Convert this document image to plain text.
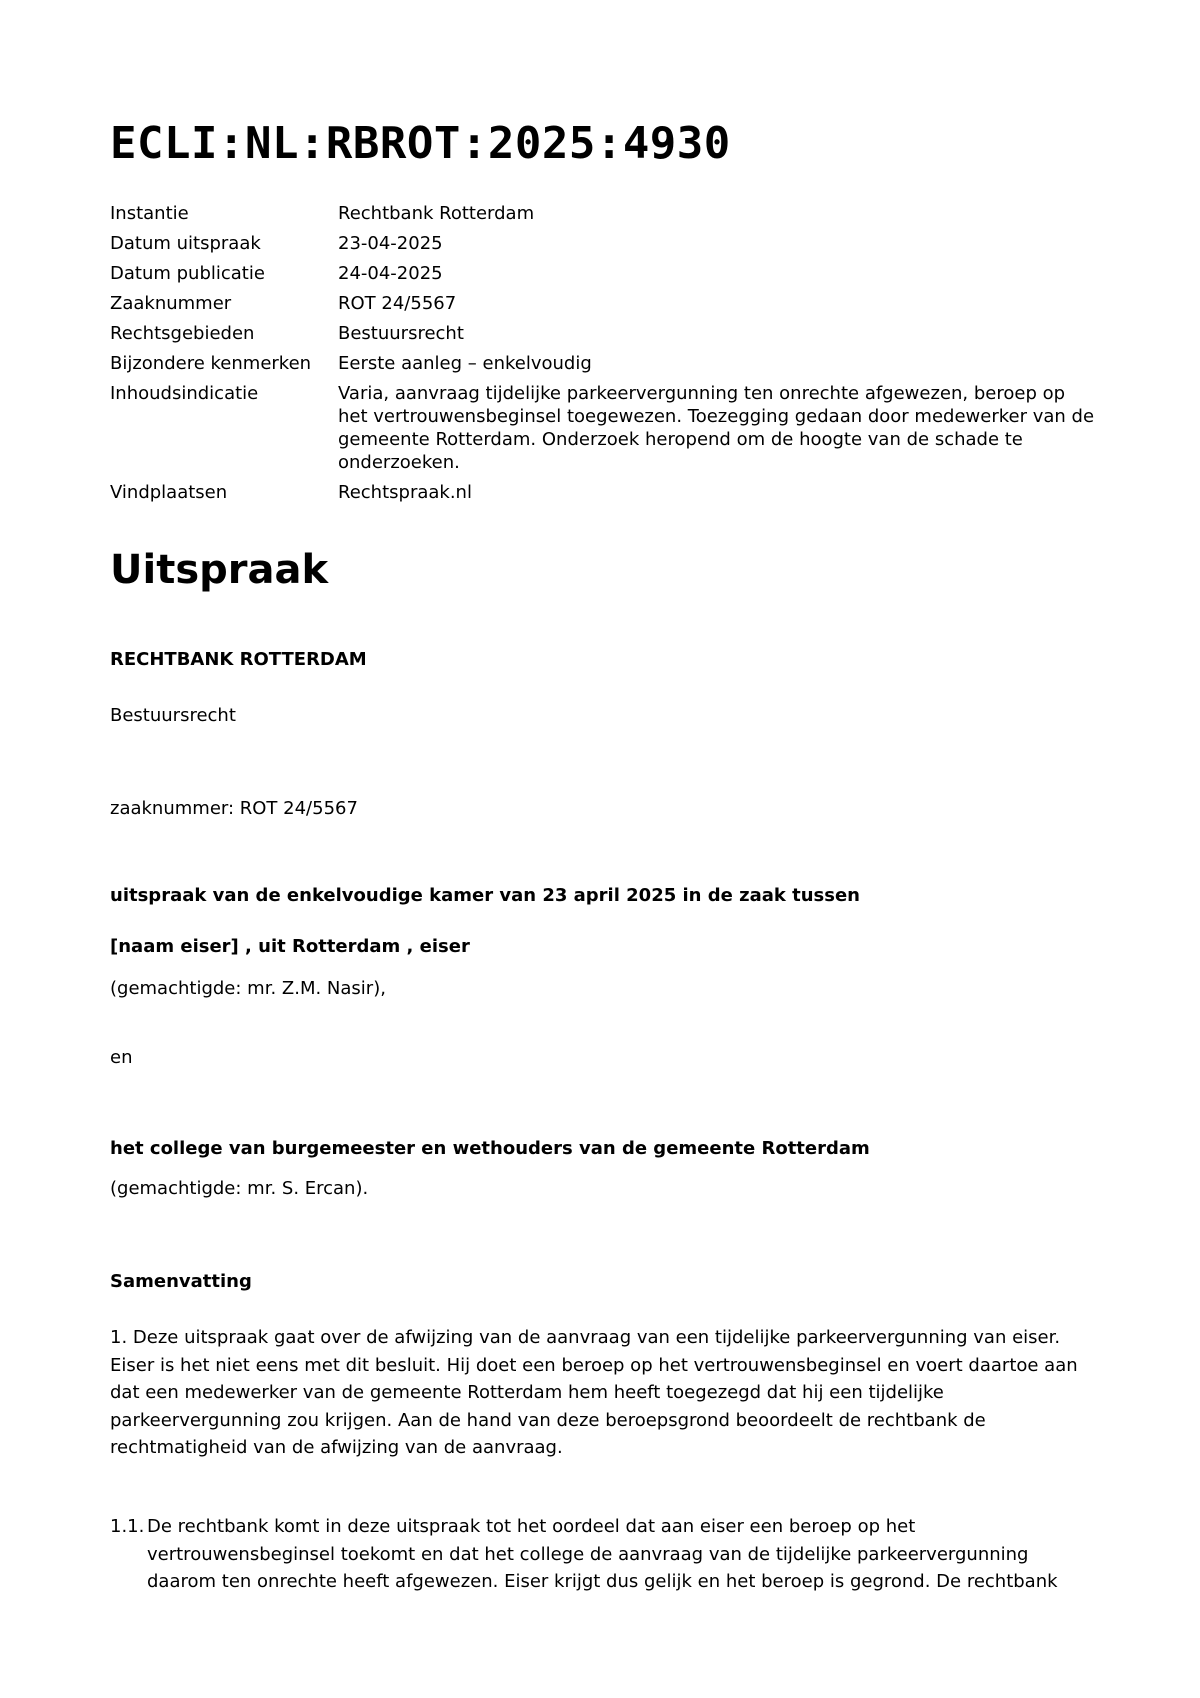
ECLI:NL:RBROT:2025:4930
Instantie	Rechtbank Rotterdam
Datum uitspraak	23-04-2025
Datum publicatie	24-04-2025
Zaaknummer	ROT 24/5567
Rechtsgebieden	Bestuursrecht
Bijzondere kenmerken	Eerste aanleg – enkelvoudig
Inhoudsindicatie	Varia, aanvraag tijdelijke parkeervergunning ten onrechte afgewezen, beroep op het vertrouwensbeginsel toegewezen. Toezegging gedaan door medewerker van de gemeente Rotterdam. Onderzoek heropend om de hoogte van de schade te onderzoeken.
Vindplaatsen	Rechtspraak.nl
Uitspraak
RECHTBANK ROTTERDAM
Bestuursrecht
zaaknummer: ROT 24/5567
uitspraak van de enkelvoudige kamer van 23 april 2025 in de zaak tussen
[naam eiser] , uit Rotterdam , eiser
(gemachtigde: mr. Z.M. Nasir),
en
het college van burgemeester en wethouders van de gemeente Rotterdam
(gemachtigde: mr. S. Ercan).
Samenvatting
1. Deze uitspraak gaat over de afwijzing van de aanvraag van een tijdelijke parkeervergunning van eiser. Eiser is het niet eens met dit besluit. Hij doet een beroep op het vertrouwensbeginsel en voert daartoe aan dat een medewerker van de gemeente Rotterdam hem heeft toegezegd dat hij een tijdelijke parkeervergunning zou krijgen. Aan de hand van deze beroepsgrond beoordeelt de rechtbank de rechtmatigheid van de afwijzing van de aanvraag.
1.1. De rechtbank komt in deze uitspraak tot het oordeel dat aan eiser een beroep op het vertrouwensbeginsel toekomt en dat het college de aanvraag van de tijdelijke parkeervergunning daarom ten onrechte heeft afgewezen. Eiser krijgt dus gelijk en het beroep is gegrond. De rechtbank
